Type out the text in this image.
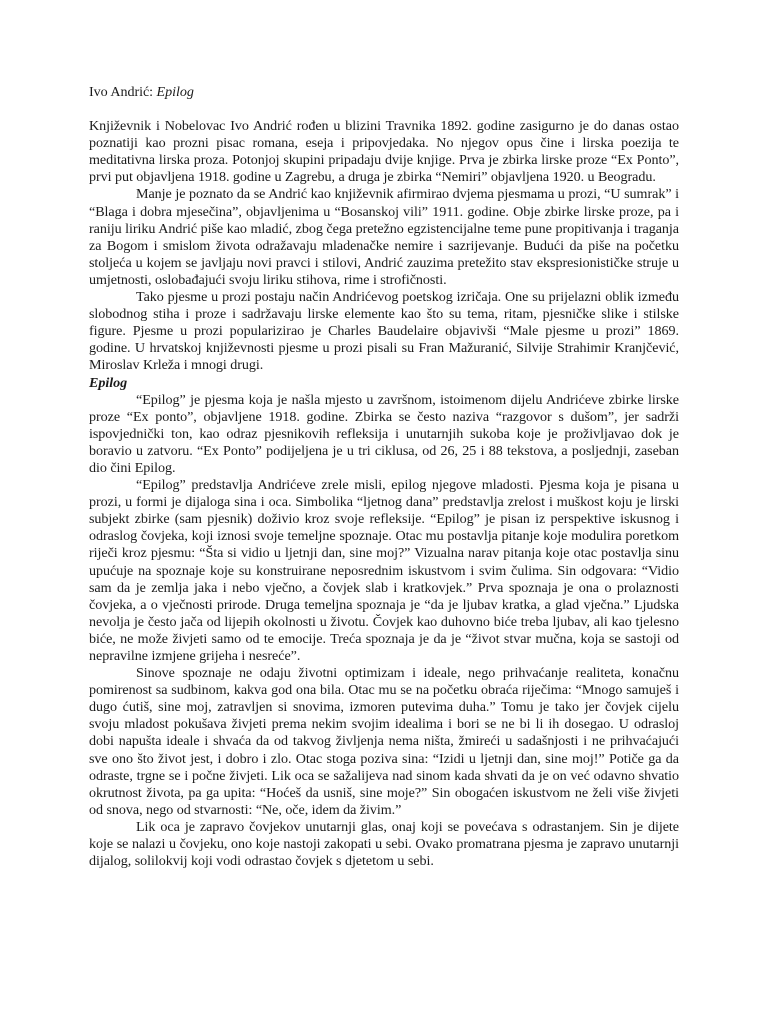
Ivo Andrić: Epilog

Književnik i Nobelovac Ivo Andrić rođen u blizini Travnika 1892. godine zasigurno je do danas ostao poznatiji kao prozni pisac romana, eseja i pripovjedaka. No njegov opus čine i lirska poezija te meditativna lirska proza. Potonjoj skupini pripadaju dvije knjige. Prva je zbirka lirske proze “Ex Ponto”, prvi put objavljena 1918. godine u Zagrebu, a druga je zbirka “Nemiri” objavljena 1920. u Beogradu.

Manje je poznato da se Andrić kao književnik afirmirao dvjema pjesmama u prozi, “U sumrak” i “Blaga i dobra mjesečina”, objavljenima u “Bosanskoj vili” 1911. godine. Obje zbirke lirske proze, pa i raniju liriku Andrić piše kao mladić, zbog čega pretežno egzistencijalne teme pune propitivanja i traganja za Bogom i smislom života odražavaju mladenačke nemire i sazrijevanje. Budući da piše na početku stoljeća u kojem se javljaju novi pravci i stilovi, Andrić zauzima pretežito stav ekspresionističke struje u umjetnosti, oslobađajući svoju liriku stihova, rime i strofičnosti.

Tako pjesme u prozi postaju način Andrićevog poetskog izričaja. One su prijelazni oblik između slobodnog stiha i proze i sadržavaju lirske elemente kao što su tema, ritam, pjesničke slike i stilske figure. Pjesme u prozi popularizirao je Charles Baudelaire objavivši “Male pjesme u prozi” 1869. godine. U hrvatskoj književnosti pjesme u prozi pisali su Fran Mažuranić, Silvije Strahimir Kranjčević, Miroslav Krleža i mnogi drugi.

Epilog

“Epilog” je pjesma koja je našla mjesto u završnom, istoimenom dijelu Andrićeve zbirke lirske proze “Ex ponto”, objavljene 1918. godine. Zbirka se često naziva “razgovor s dušom”, jer sadrži ispovjednički ton, kao odraz pjesnikovih refleksija i unutarnjih sukoba koje je proživljavao dok je boravio u zatvoru. “Ex Ponto” podijeljena je u tri ciklusa, od 26, 25 i 88 tekstova, a posljednji, zaseban dio čini Epilog.

“Epilog” predstavlja Andrićeve zrele misli, epilog njegove mladosti. Pjesma koja je pisana u prozi, u formi je dijaloga sina i oca. Simbolika “ljetnog dana” predstavlja zrelost i muškost koju je lirski subjekt zbirke (sam pjesnik) doživio kroz svoje refleksije. “Epilog” je pisan iz perspektive iskusnog i odraslog čovjeka, koji iznosi svoje temeljne spoznaje. Otac mu postavlja pitanje koje modulira poretkom riječi kroz pjesmu: “Šta si vidio u ljetnji dan, sine moj?” Vizualna narav pitanja koje otac postavlja sinu upućuje na spoznaje koje su konstruirane neposrednim iskustvom i svim čulima. Sin odgovara: “Vidio sam da je zemlja jaka i nebo vječno, a čovjek slab i kratkovjek.” Prva spoznaja je ona o prolaznosti čovjeka, a o vječnosti prirode. Druga temeljna spoznaja je “da je ljubav kratka, a glad vječna.” Ljudska nevolja je često jača od lijepih okolnosti u životu. Čovjek kao duhovno biće treba ljubav, ali kao tjelesno biće, ne može živjeti samo od te emocije. Treća spoznaja je da je “život stvar mučna, koja se sastoji od nepravilne izmjene grijeha i nesreće”.

Sinove spoznaje ne odaju životni optimizam i ideale, nego prihvaćanje realiteta, konačnu pomirenost sa sudbinom, kakva god ona bila. Otac mu se na početku obraća riječima: “Mnogo samuješ i dugo ćutiš, sine moj, zatravljen si snovima, izmoren putevima duha.” Tomu je tako jer čovjek cijelu svoju mladost pokušava živjeti prema nekim svojim idealima i bori se ne bi li ih dosegao. U odrasloj dobi napušta ideale i shvaća da od takvog življenja nema ništa, žmireći u sadašnjosti i ne prihvaćajući sve ono što život jest, i dobro i zlo. Otac stoga poziva sina: “Izidi u ljetnji dan, sine moj!” Potiče ga da odraste, trgne se i počne živjeti. Lik oca se sažalijeva nad sinom kada shvati da je on već odavno shvatio okrutnost života, pa ga upita: “Hoćeš da usniš, sine moje?” Sin obogaćen iskustvom ne želi više živjeti od snova, nego od stvarnosti: “Ne, oče, idem da živim.”

Lik oca je zapravo čovjekov unutarnji glas, onaj koji se povećava s odrastanjem. Sin je dijete koje se nalazi u čovjeku, ono koje nastoji zakopati u sebi. Ovako promatrana pjesma je zapravo unutarnji dijalog, solilokvij koji vodi odrastao čovjek s djetetom u sebi.
